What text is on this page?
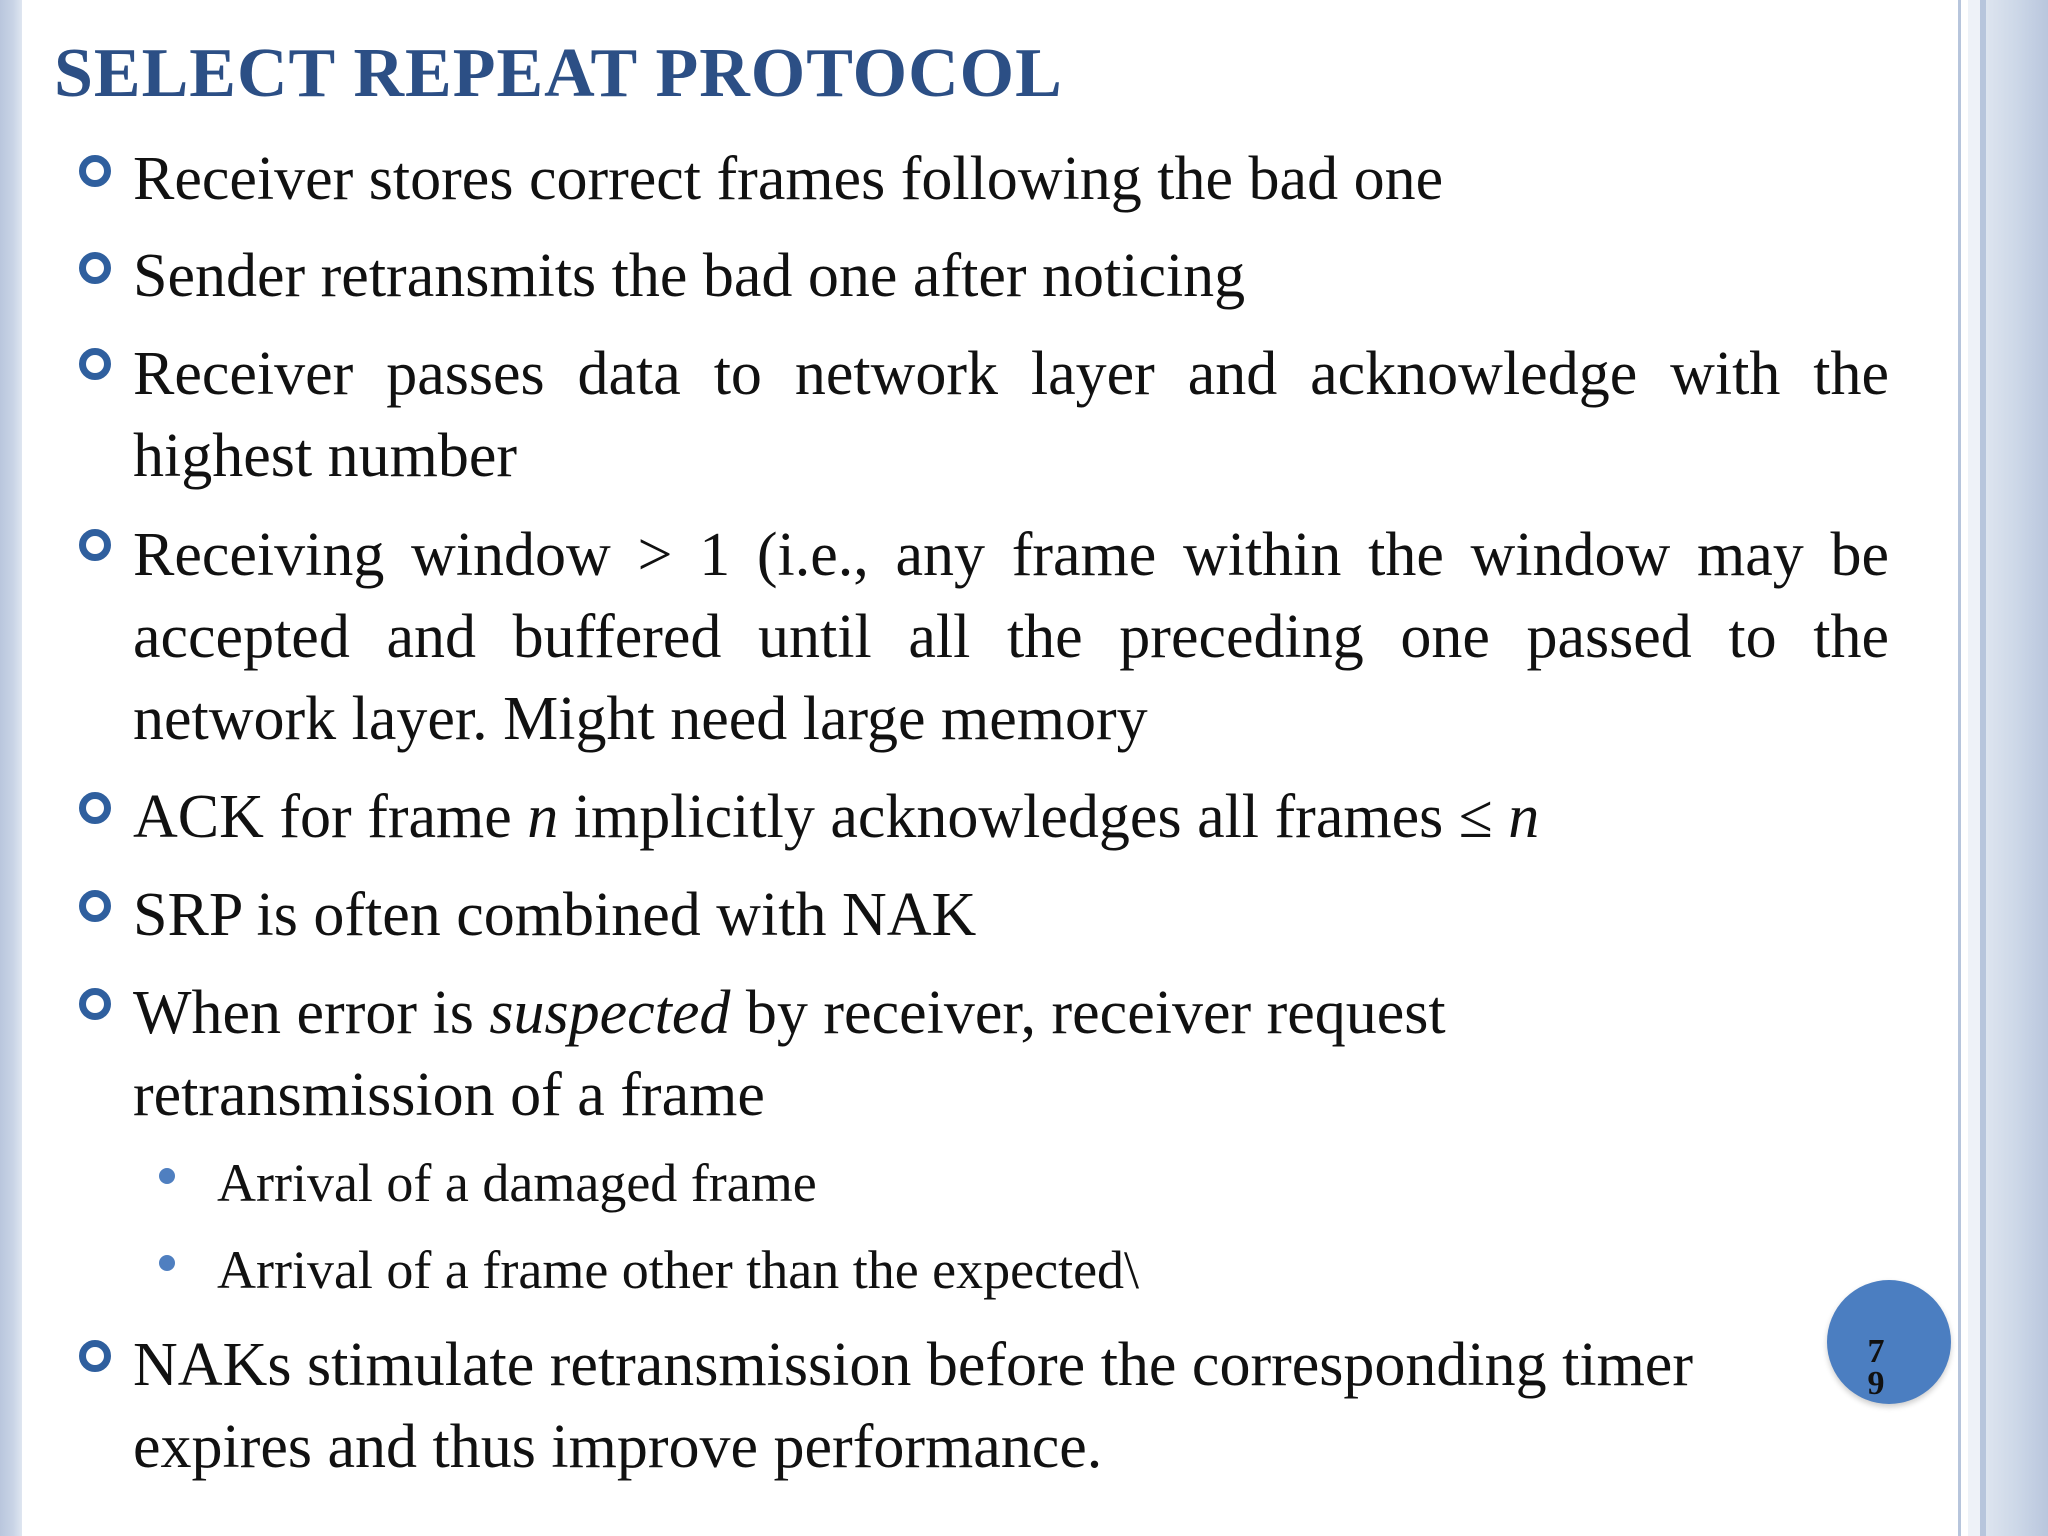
SELECT REPEAT PROTOCOL
Receiver stores correct frames following the bad one
Sender retransmits the bad one after noticing
Receiver passes data to network layer and acknowledge with the highest number
Receiving window > 1 (i.e., any frame within the window may be accepted and buffered until all the preceding one passed to the network layer. Might need large memory
ACK for frame n implicitly acknowledges all frames ≤ n
SRP is often combined with NAK
When error is suspected by receiver, receiver request retransmission of a frame
Arrival of a damaged frame
Arrival of a frame other than the expected\
NAKs stimulate retransmission before the corresponding timer expires and thus improve performance.
79
